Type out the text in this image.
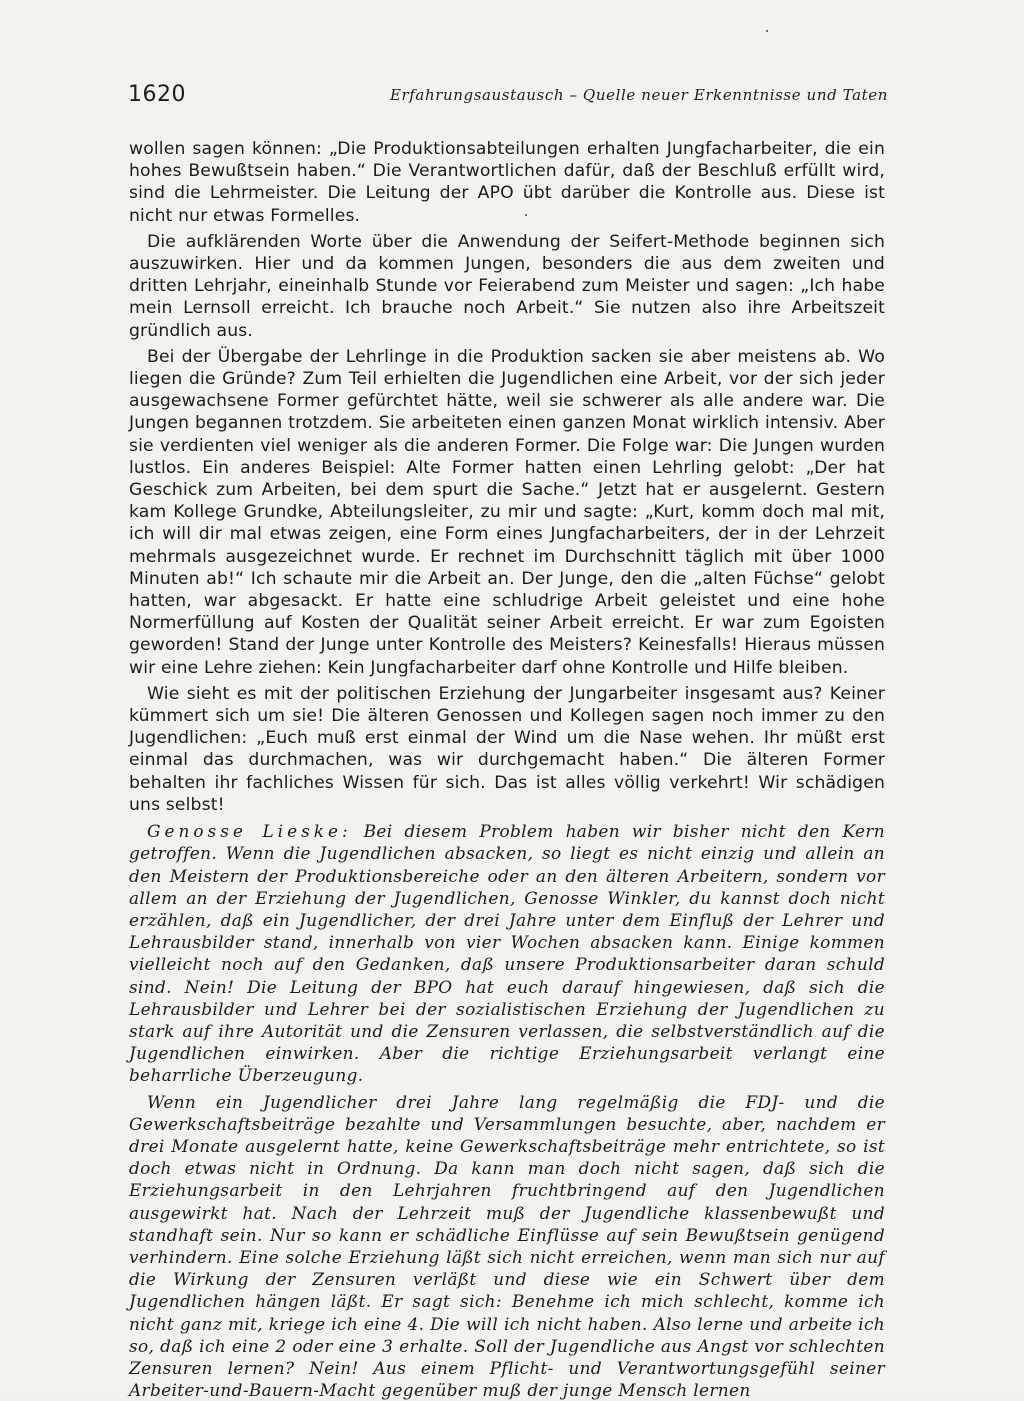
1620	Erfahrungsaustausch – Quelle neuer Erkenntnisse und Taten

wollen sagen können: „Die Produktionsabteilungen erhalten Jungfacharbeiter, die ein hohes Bewußtsein haben.“ Die Verantwortlichen dafür, daß der Beschluß erfüllt wird, sind die Lehrmeister. Die Leitung der APO übt darüber die Kontrolle aus. Diese ist nicht nur etwas Formelles.

Die aufklärenden Worte über die Anwendung der Seifert-Methode beginnen sich auszuwirken. Hier und da kommen Jungen, besonders die aus dem zweiten und dritten Lehrjahr, eineinhalb Stunde vor Feierabend zum Meister und sagen: „Ich habe mein Lernsoll erreicht. Ich brauche noch Arbeit.“ Sie nutzen also ihre Arbeitszeit gründlich aus.

Bei der Übergabe der Lehrlinge in die Produktion sacken sie aber meistens ab. Wo liegen die Gründe? Zum Teil erhielten die Jugendlichen eine Arbeit, vor der sich jeder ausgewachsene Former gefürchtet hätte, weil sie schwerer als alle andere war. Die Jungen begannen trotzdem. Sie arbeiteten einen ganzen Monat wirklich intensiv. Aber sie verdienten viel weniger als die anderen Former. Die Folge war: Die Jungen wurden lustlos. Ein anderes Beispiel: Alte Former hatten einen Lehrling gelobt: „Der hat Geschick zum Arbeiten, bei dem spurt die Sache.“ Jetzt hat er ausgelernt. Gestern kam Kollege Grundke, Abteilungsleiter, zu mir und sagte: „Kurt, komm doch mal mit, ich will dir mal etwas zeigen, eine Form eines Jungfacharbeiters, der in der Lehrzeit mehrmals ausgezeichnet wurde. Er rechnet im Durchschnitt täglich mit über 1000 Minuten ab!“ Ich schaute mir die Arbeit an. Der Junge, den die „alten Füchse“ gelobt hatten, war abgesackt. Er hatte eine schludrige Arbeit geleistet und eine hohe Normerfüllung auf Kosten der Qualität seiner Arbeit erreicht. Er war zum Egoisten geworden! Stand der Junge unter Kontrolle des Meisters? Keinesfalls! Hieraus müssen wir eine Lehre ziehen: Kein Jungfacharbeiter darf ohne Kontrolle und Hilfe bleiben.

Wie sieht es mit der politischen Erziehung der Jungarbeiter insgesamt aus? Keiner kümmert sich um sie! Die älteren Genossen und Kollegen sagen noch immer zu den Jugendlichen: „Euch muß erst einmal der Wind um die Nase wehen. Ihr müßt erst einmal das durchmachen, was wir durchgemacht haben.“ Die älteren Former behalten ihr fachliches Wissen für sich. Das ist alles völlig verkehrt! Wir schädigen uns selbst!

Genosse Lieske: Bei diesem Problem haben wir bisher nicht den Kern getroffen. Wenn die Jugendlichen absacken, so liegt es nicht einzig und allein an den Meistern der Produktionsbereiche oder an den älteren Arbeitern, sondern vor allem an der Erziehung der Jugendlichen, Genosse Winkler, du kannst doch nicht erzählen, daß ein Jugendlicher, der drei Jahre unter dem Einfluß der Lehrer und Lehrausbilder stand, innerhalb von vier Wochen absacken kann. Einige kommen vielleicht noch auf den Gedanken, daß unsere Produktionsarbeiter daran schuld sind. Nein! Die Leitung der BPO hat euch darauf hingewiesen, daß sich die Lehrausbilder und Lehrer bei der sozialistischen Erziehung der Jugendlichen zu stark auf ihre Autorität und die Zensuren verlassen, die selbstverständlich auf die Jugendlichen einwirken. Aber die richtige Erziehungsarbeit verlangt eine beharrliche Überzeugung.

Wenn ein Jugendlicher drei Jahre lang regelmäßig die FDJ- und die Gewerkschaftsbeiträge bezahlte und Versammlungen besuchte, aber, nachdem er drei Monate ausgelernt hatte, keine Gewerkschaftsbeiträge mehr entrichtete, so ist doch etwas nicht in Ordnung. Da kann man doch nicht sagen, daß sich die Erziehungsarbeit in den Lehrjahren fruchtbringend auf den Jugendlichen ausgewirkt hat. Nach der Lehrzeit muß der Jugendliche klassenbewußt und standhaft sein. Nur so kann er schädliche Einflüsse auf sein Bewußtsein genügend verhindern. Eine solche Erziehung läßt sich nicht erreichen, wenn man sich nur auf die Wirkung der Zensuren verläßt und diese wie ein Schwert über dem Jugendlichen hängen läßt. Er sagt sich: Benehme ich mich schlecht, komme ich nicht ganz mit, kriege ich eine 4. Die will ich nicht haben. Also lerne und arbeite ich so, daß ich eine 2 oder eine 3 erhalte. Soll der Jugendliche aus Angst vor schlechten Zensuren lernen? Nein! Aus einem Pflicht- und Verantwortungsgefühl seiner Arbeiter-und-Bauern-Macht gegenüber muß der junge Mensch lernen
